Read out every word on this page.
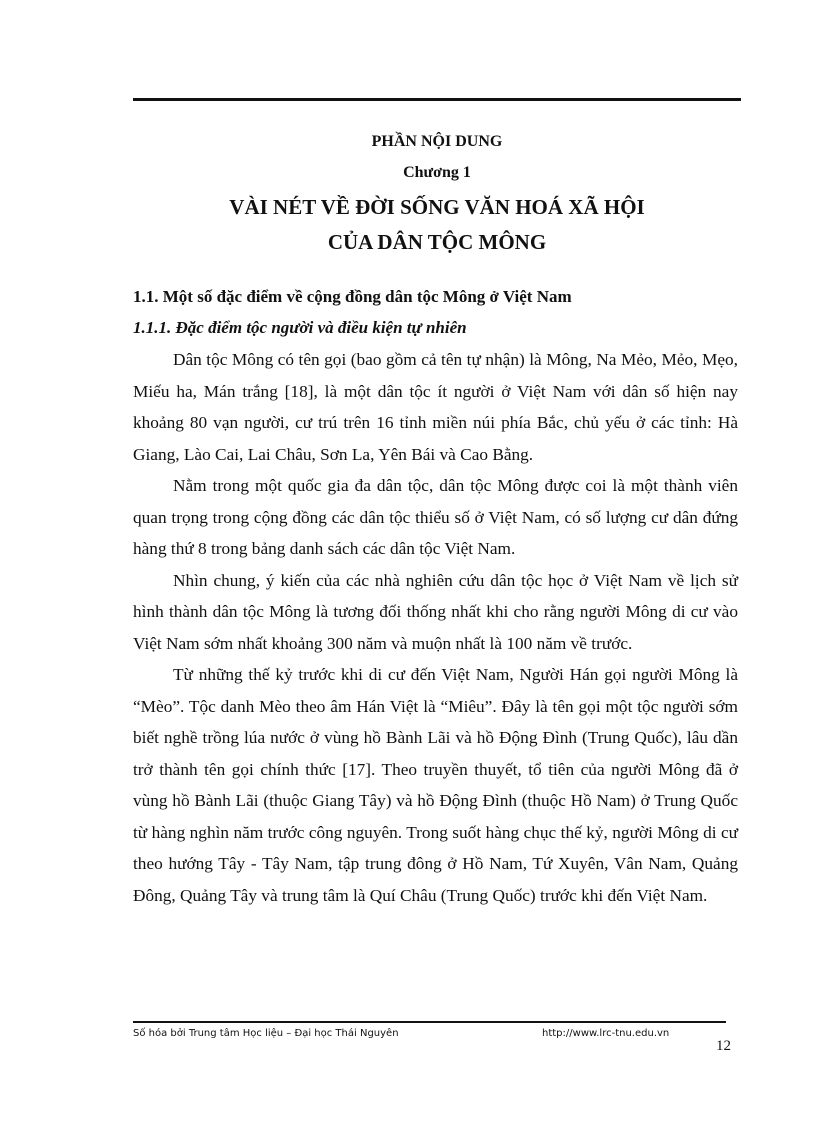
PHẦN NỘI DUNG
Chương 1
VÀI NÉT VỀ ĐỜI SỐNG VĂN HOÁ XÃ HỘI
CỦA DÂN TỘC MÔNG
1.1. Một số đặc điểm về cộng đồng dân tộc Mông ở Việt Nam
1.1.1. Đặc điểm tộc người và điều kiện tự nhiên

Dân tộc Mông có tên gọi (bao gồm cả tên tự nhận) là Mông, Na Mẻo, Mẻo, Mẹo, Miếu ha, Mán trắng [18], là một dân tộc ít người ở Việt Nam với dân số hiện nay khoảng 80 vạn người, cư trú trên 16 tỉnh miền núi phía Bắc, chủ yếu ở các tỉnh: Hà Giang, Lào Cai, Lai Châu, Sơn La, Yên Bái và Cao Bằng.

Nằm trong một quốc gia đa dân tộc, dân tộc Mông được coi là một thành viên quan trọng trong cộng đồng các dân tộc thiểu số ở Việt Nam, có số lượng cư dân đứng hàng thứ 8 trong bảng danh sách các dân tộc Việt Nam.

Nhìn chung, ý kiến của các nhà nghiên cứu dân tộc học ở Việt Nam về lịch sử hình thành dân tộc Mông là tương đối thống nhất khi cho rằng người Mông di cư vào Việt Nam sớm nhất khoảng 300 năm và muộn nhất là 100 năm về trước.

Từ những thế kỷ trước khi di cư đến Việt Nam, Người Hán gọi người Mông là “Mèo”. Tộc danh Mèo theo âm Hán Việt là “Miêu”. Đây là tên gọi một tộc người sớm biết nghề trồng lúa nước ở vùng hồ Bành Lãi và hồ Động Đình (Trung Quốc), lâu dần trở thành tên gọi chính thức [17]. Theo truyền thuyết, tổ tiên của người Mông đã ở vùng hồ Bành Lãi (thuộc Giang Tây) và hồ Động Đình (thuộc Hồ Nam) ở Trung Quốc từ hàng nghìn năm trước công nguyên. Trong suốt hàng chục thế kỷ, người Mông di cư theo hướng Tây - Tây Nam, tập trung đông ở Hồ Nam, Tứ Xuyên, Vân Nam, Quảng Đông, Quảng Tây và trung tâm là Quí Châu (Trung Quốc) trước khi đến Việt Nam.

Số hóa bởi Trung tâm Học liệu – Đại học Thái Nguyên	http://www.lrc-tnu.edu.vn
12
